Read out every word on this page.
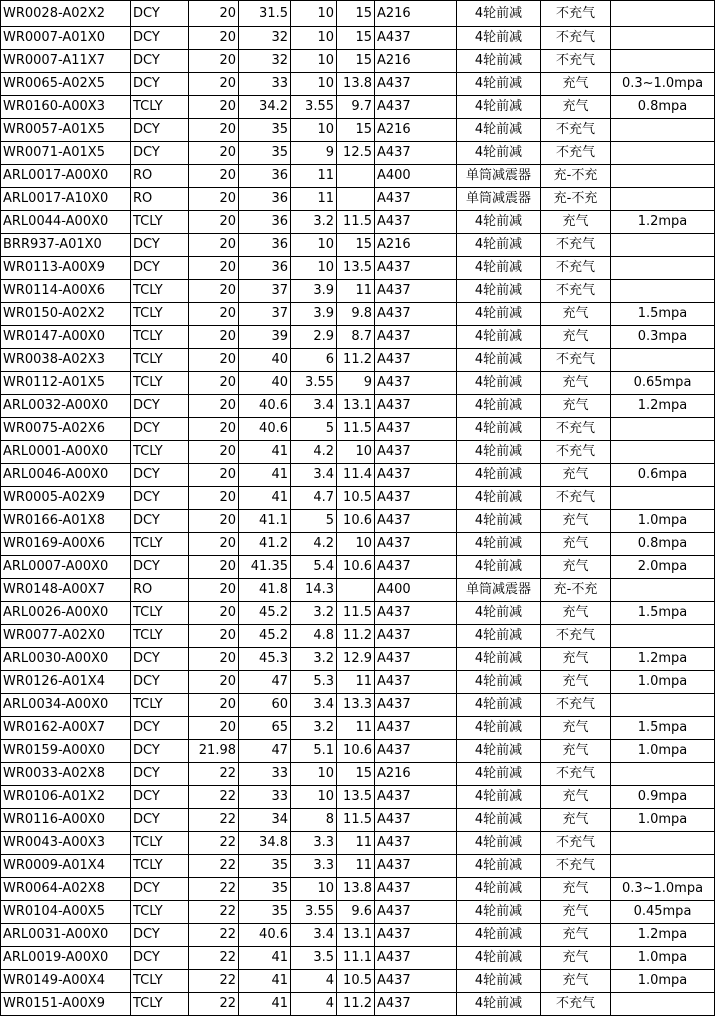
WR0028-A02X2	DCY	20	31.5	10	15	A216	4轮前减	不充气	
WR0007-A01X0	DCY	20	32	10	15	A437	4轮前减	不充气	
WR0007-A11X7	DCY	20	32	10	15	A216	4轮前减	不充气	
WR0065-A02X5	DCY	20	33	10	13.8	A437	4轮前减	充气	0.3~1.0mpa
WR0160-A00X3	TCLY	20	34.2	3.55	9.7	A437	4轮前减	充气	0.8mpa
WR0057-A01X5	DCY	20	35	10	15	A216	4轮前减	不充气	
WR0071-A01X5	DCY	20	35	9	12.5	A437	4轮前减	不充气	
ARL0017-A00X0	RO	20	36	11		A400	单筒减震器	充-不充	
ARL0017-A10X0	RO	20	36	11		A437	单筒减震器	充-不充	
ARL0044-A00X0	TCLY	20	36	3.2	11.5	A437	4轮前减	充气	1.2mpa
BRR937-A01X0	DCY	20	36	10	15	A216	4轮前减	不充气	
WR0113-A00X9	DCY	20	36	10	13.5	A437	4轮前减	不充气	
WR0114-A00X6	TCLY	20	37	3.9	11	A437	4轮前减	不充气	
WR0150-A02X2	TCLY	20	37	3.9	9.8	A437	4轮前减	充气	1.5mpa
WR0147-A00X0	TCLY	20	39	2.9	8.7	A437	4轮前减	充气	0.3mpa
WR0038-A02X3	TCLY	20	40	6	11.2	A437	4轮前减	不充气	
WR0112-A01X5	TCLY	20	40	3.55	9	A437	4轮前减	充气	0.65mpa
ARL0032-A00X0	DCY	20	40.6	3.4	13.1	A437	4轮前减	充气	1.2mpa
WR0075-A02X6	DCY	20	40.6	5	11.5	A437	4轮前减	不充气	
ARL0001-A00X0	TCLY	20	41	4.2	10	A437	4轮前减	不充气	
ARL0046-A00X0	DCY	20	41	3.4	11.4	A437	4轮前减	充气	0.6mpa
WR0005-A02X9	DCY	20	41	4.7	10.5	A437	4轮前减	不充气	
WR0166-A01X8	DCY	20	41.1	5	10.6	A437	4轮前减	充气	1.0mpa
WR0169-A00X6	TCLY	20	41.2	4.2	10	A437	4轮前减	充气	0.8mpa
ARL0007-A00X0	DCY	20	41.35	5.4	10.6	A437	4轮前减	充气	2.0mpa
WR0148-A00X7	RO	20	41.8	14.3		A400	单筒减震器	充-不充	
ARL0026-A00X0	TCLY	20	45.2	3.2	11.5	A437	4轮前减	充气	1.5mpa
WR0077-A02X0	TCLY	20	45.2	4.8	11.2	A437	4轮前减	不充气	
ARL0030-A00X0	DCY	20	45.3	3.2	12.9	A437	4轮前减	充气	1.2mpa
WR0126-A01X4	DCY	20	47	5.3	11	A437	4轮前减	充气	1.0mpa
ARL0034-A00X0	TCLY	20	60	3.4	13.3	A437	4轮前减	不充气	
WR0162-A00X7	DCY	20	65	3.2	11	A437	4轮前减	充气	1.5mpa
WR0159-A00X0	DCY	21.98	47	5.1	10.6	A437	4轮前减	充气	1.0mpa
WR0033-A02X8	DCY	22	33	10	15	A216	4轮前减	不充气	
WR0106-A01X2	DCY	22	33	10	13.5	A437	4轮前减	充气	0.9mpa
WR0116-A00X0	DCY	22	34	8	11.5	A437	4轮前减	充气	1.0mpa
WR0043-A00X3	TCLY	22	34.8	3.3	11	A437	4轮前减	不充气	
WR0009-A01X4	TCLY	22	35	3.3	11	A437	4轮前减	不充气	
WR0064-A02X8	DCY	22	35	10	13.8	A437	4轮前减	充气	0.3~1.0mpa
WR0104-A00X5	TCLY	22	35	3.55	9.6	A437	4轮前减	充气	0.45mpa
ARL0031-A00X0	DCY	22	40.6	3.4	13.1	A437	4轮前减	充气	1.2mpa
ARL0019-A00X0	DCY	22	41	3.5	11.1	A437	4轮前减	充气	1.0mpa
WR0149-A00X4	TCLY	22	41	4	10.5	A437	4轮前减	充气	1.0mpa
WR0151-A00X9	TCLY	22	41	4	11.2	A437	4轮前减	不充气	
